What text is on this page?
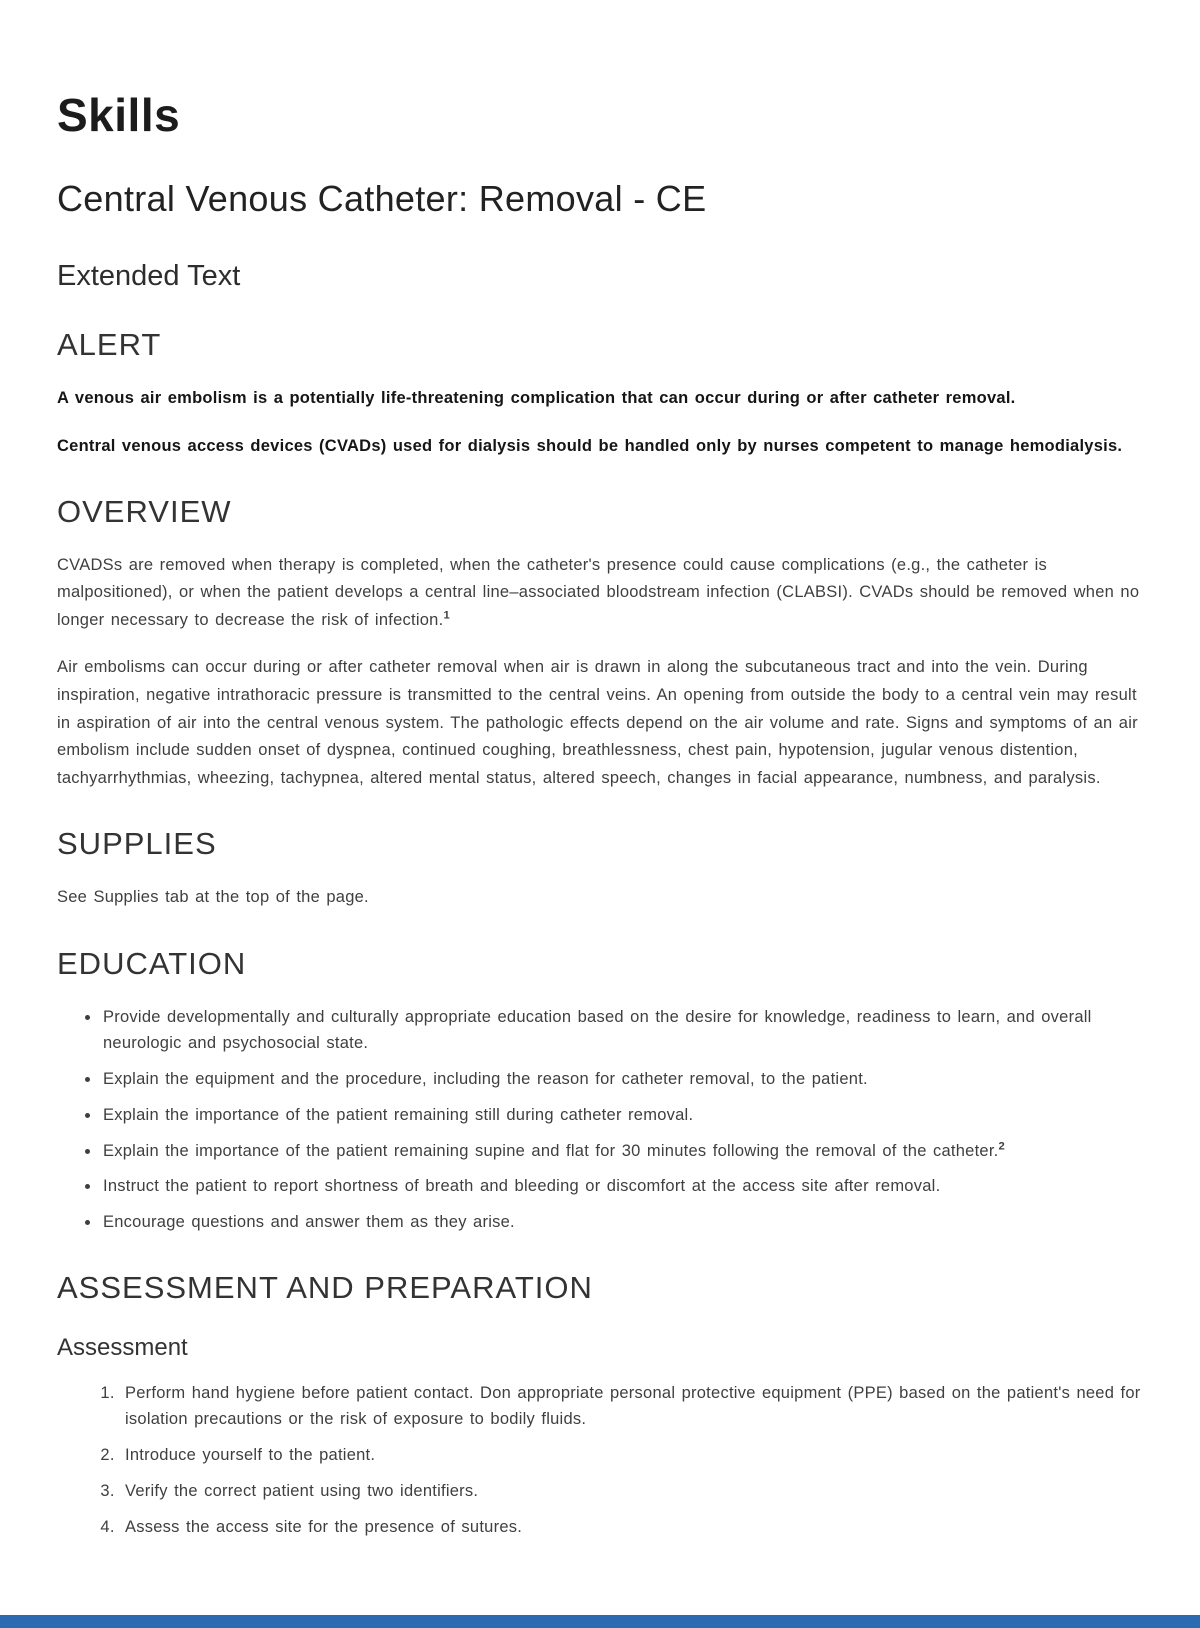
Skills
Central Venous Catheter: Removal - CE
Extended Text
ALERT

A venous air embolism is a potentially life-threatening complication that can occur during or after catheter removal.

Central venous access devices (CVADs) used for dialysis should be handled only by nurses competent to manage hemodialysis.

OVERVIEW

CVADSs are removed when therapy is completed, when the catheter's presence could cause complications (e.g., the catheter is malpositioned), or when the patient develops a central line–associated bloodstream infection (CLABSI). CVADs should be removed when no longer necessary to decrease the risk of infection.$^1$

Air embolisms can occur during or after catheter removal when air is drawn in along the subcutaneous tract and into the vein. During inspiration, negative intrathoracic pressure is transmitted to the central veins. An opening from outside the body to a central vein may result in aspiration of air into the central venous system. The pathologic effects depend on the air volume and rate. Signs and symptoms of an air embolism include sudden onset of dyspnea, continued coughing, breathlessness, chest pain, hypotension, jugular venous distention, tachyarrhythmias, wheezing, tachypnea, altered mental status, altered speech, changes in facial appearance, numbness, and paralysis.

SUPPLIES

See Supplies tab at the top of the page.

EDUCATION
• Provide developmentally and culturally appropriate education based on the desire for knowledge, readiness to learn, and overall neurologic and psychosocial state.
• Explain the equipment and the procedure, including the reason for catheter removal, to the patient.
• Explain the importance of the patient remaining still during catheter removal.
• Explain the importance of the patient remaining supine and flat for 30 minutes following the removal of the catheter.$^2$
• Instruct the patient to report shortness of breath and bleeding or discomfort at the access site after removal.
• Encourage questions and answer them as they arise.
ASSESSMENT AND PREPARATION
Assessment
1. Perform hand hygiene before patient contact. Don appropriate personal protective equipment (PPE) based on the patient's need for isolation precautions or the risk of exposure to bodily fluids.
2. Introduce yourself to the patient.
3. Verify the correct patient using two identifiers.
4. Assess the access site for the presence of sutures.
